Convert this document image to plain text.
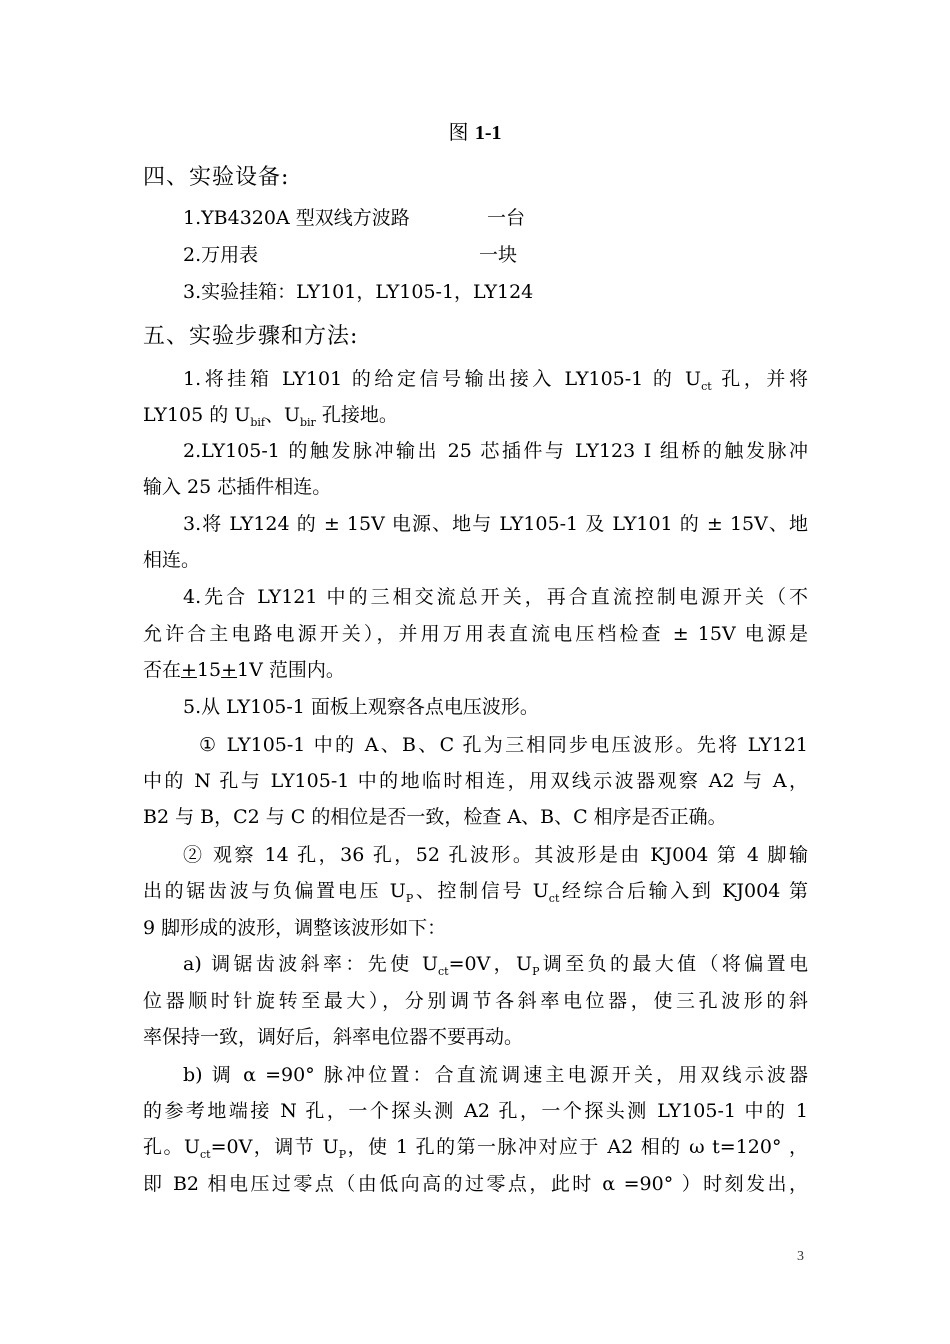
图 1-1
四、实验设备:
1.YB4320A 型双线方波路	一台
2.万用表	一块
3.实验挂箱：LY101，LY105-1，LY124
五、实验步骤和方法:
1.将挂箱 LY101 的给定信号输出接入 LY105-1 的 $U_{ct}$ 孔，并将
LY105 的 $U_{bif}$、$U_{bir}$ 孔接地。
2.LY105-1 的触发脉冲输出 25 芯插件与 LY123 I 组桥的触发脉冲
输入 25 芯插件相连。
3.将 LY124 的 ± 15V 电源、地与 LY105-1 及 LY101 的 ± 15V、地
相连。
4.先合 LY121 中的三相交流总开关，再合直流控制电源开关（不
允许合主电路电源开关），并用万用表直流电压档检查 ± 15V 电源是
否在+15+1V 范围内。
5.从 LY105-1 面板上观察各点电压波形。
① LY105-1 中的 A、B、C 孔为三相同步电压波形。先将 LY121
中的 N 孔与 LY105-1 中的地临时相连，用双线示波器观察 A2 与 A，
B2 与 B，C2 与 C 的相位是否一致，检查 A、B、C 相序是否正确。
② 观察 14 孔，36 孔，52 孔波形。其波形是由 KJ004 第 4 脚输
出的锯齿波与负偏置电压 $U_P$、控制信号 $U_{ct}$经综合后输入到 KJ004 第
9 脚形成的波形，调整该波形如下：
a) 调锯齿波斜率：先使 $U_{ct}=0V$，$U_P$调至负的最大值（将偏置电
位器顺时针旋转至最大），分别调节各斜率电位器，使三孔波形的斜
率保持一致，调好后，斜率电位器不要再动。
b) 调 α =90° 脉冲位置：合直流调速主电源开关，用双线示波器
的参考地端接 N 孔，一个探头测 A2 孔，一个探头测 LY105-1 中的 1
孔。$U_{ct}=0V$，调节 $U_P$，使 1 孔的第一脉冲对应于 A2 相的 ω t=120° ，
即 B2 相电压过零点（由低向高的过零点，此时 α =90° ）时刻发出，
3
